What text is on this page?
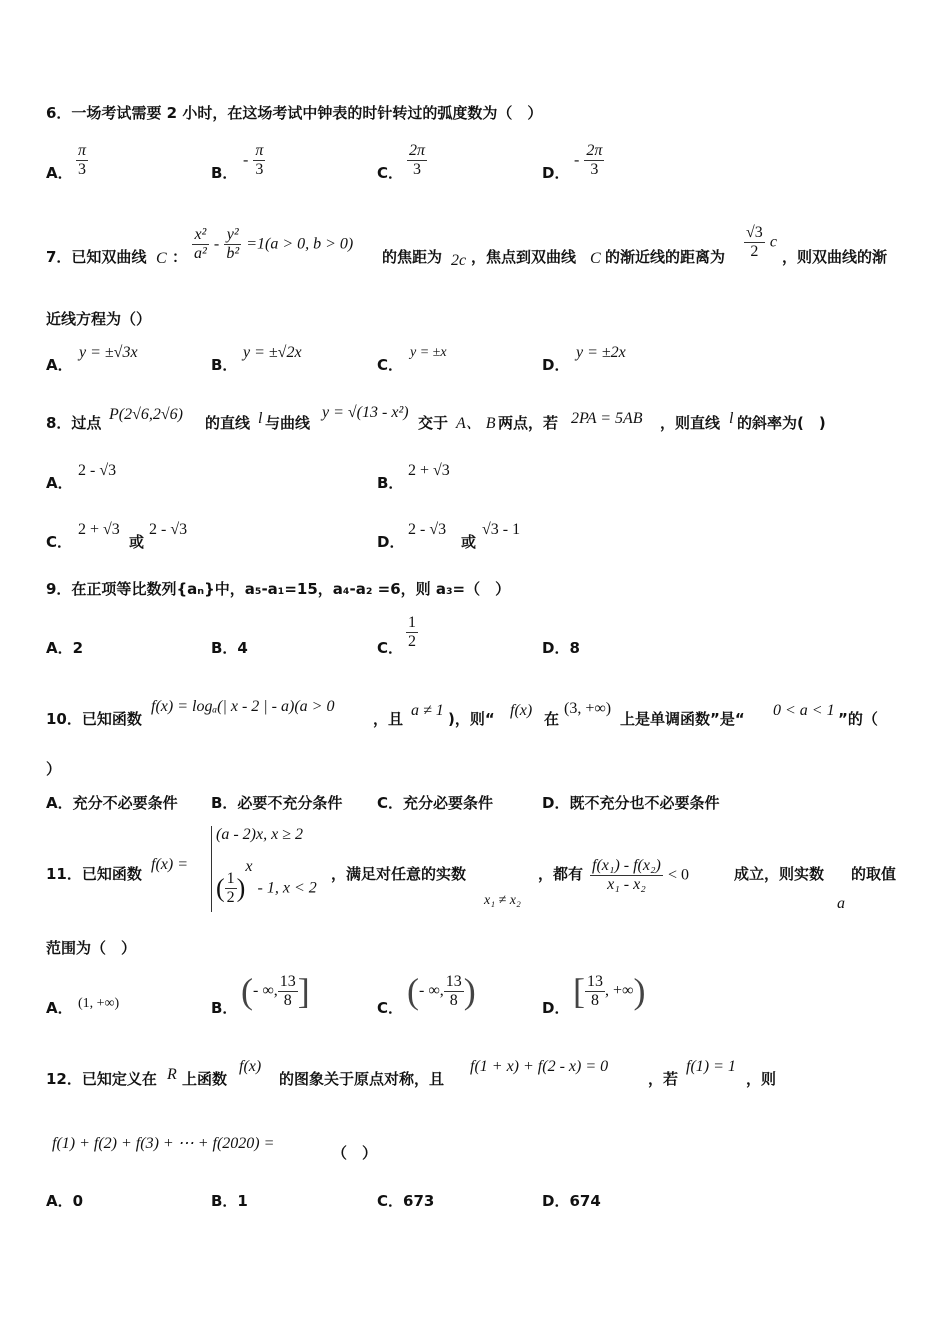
6．一场考试需要 2 小时，在这场考试中钟表的时针转过的弧度数为（　）
A． $\frac{\pi}{3}$	B．
- $\frac{\pi}{3}$	C． $\frac{2\pi}{3}$	D．
- $\frac{2\pi}{3}$
7．已知双曲线 C ： $\frac{\text{x²}}{\text{a²}} - \frac{\text{y²}}{\text{b²}} =1(a > 0$, b > 0)
的焦距为 2c ，焦点到双曲线 C 的渐近线的距离为 $\frac{√3}{2}$ c
，则双曲线的渐
近线方程为（）
A．
y = ±√3x
B．
y = ±√2x
C．
y = ±x
D．
y = ±2x
8．过点 P(2√6,2√6) 的直线 l 与曲线
y = √(13 - x²)
交于 A、 B 两点，若 2PA = 5AB ，则直线 l 的斜率为(　)
A．
2 - √3
B．
2 + √3
C．
2 + √3
或
2 - √3
D．
2 - √3
或
√3 - 1
9．在正项等比数列{aₙ}中，a₅-a₁=15，a₄-a₂ =6，则 a₃=（　）
A．2	B．4	C． $\frac{1}{2}$	D．8
10．已知函数
f(x) = logₐ(| x - 2 | - a)(a > 0
，且 a ≠ 1 )，则“ f(x) 在
(3, +∞)
上是单调函数”是“ 0 < a < 1 ”的（
）
A．充分不必要条件 B．必要不充分条件 C．充分必要条件	D．既不充分也不必要条件
11．已知函数
f(x) =
(a - 2)x, x ≥ 2
( $\frac{1}{2} )^x - 1$, x < 2
，满足对任意的实数
x₁ ≠ x₂
，都有 $\frac{\text{f(x₁) - f(x₂)}}{\text{x₁ - x₂}} < 0$	成立，则实数
a
的取值
范围为（　）
A． (1, +∞)	B． (- ∞, $\frac{13}{8}$ ]	C． (- ∞, $\frac{13}{8}$ )	D． [ $\frac{13}{8}$ , +∞)
12．已知定义在 R 上函数
f(x)
的图象关于原点对称，且
f(1 + x) + f(2 - x) = 0
，若
f(1) = 1
，则
f(1) + f(2) + f(3) + ⋯ + f(2020) =
（　）
A．0	B．1	C．673	D．674
